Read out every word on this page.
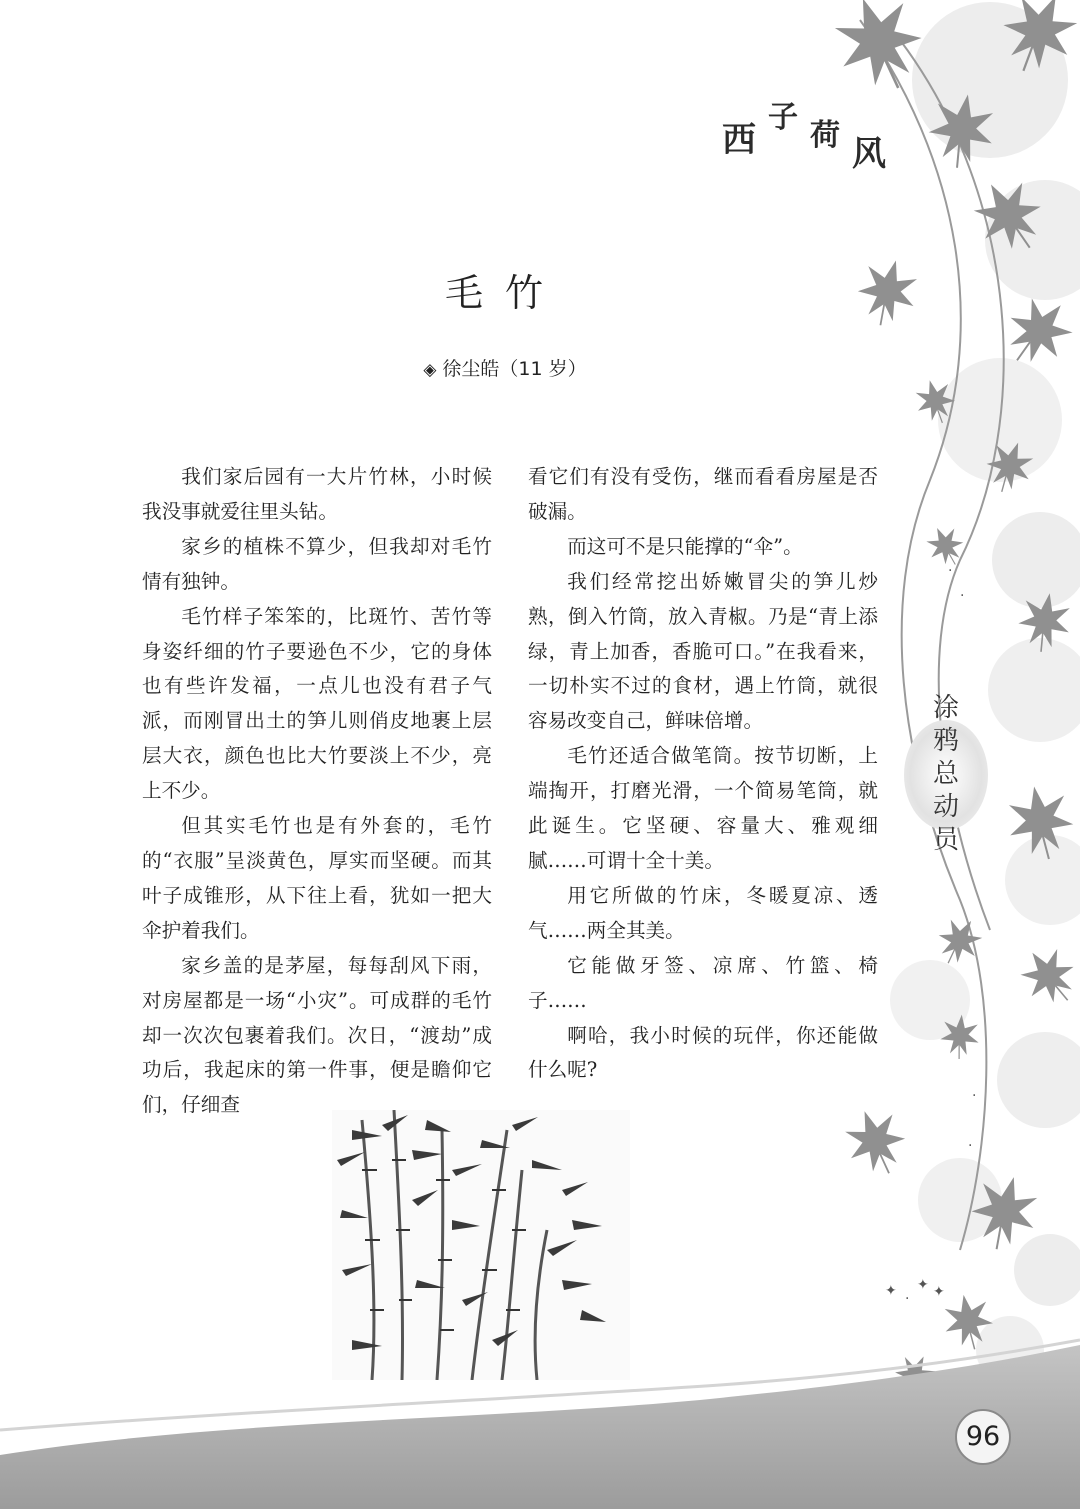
✦ ·
✦ ✦
·
·
·
·
西
子
荷 风
毛竹
◈ 徐尘皓（11 岁）

我们家后园有一大片竹林，小时候我没事就爱往里头钻。

家乡的植株不算少，但我却对毛竹情有独钟。

毛竹样子笨笨的，比斑竹、苦竹等身姿纤细的竹子要逊色不少，它的身体也有些许发福，一点儿也没有君子气派，而刚冒出土的笋儿则俏皮地裹上层层大衣，颜色也比大竹要淡上不少，亮上不少。

但其实毛竹也是有外套的，毛竹的“衣服”呈淡黄色，厚实而坚硬。而其叶子成锥形，从下往上看，犹如一把大伞护着我们。

家乡盖的是茅屋，每每刮风下雨，对房屋都是一场“小灾”。可成群的毛竹却一次次包裹着我们。次日，“渡劫”成功后，我起床的第一件事，便是瞻仰它们，仔细查

看它们有没有受伤，继而看看房屋是否破漏。

而这可不是只能撑的“伞”。

我们经常挖出娇嫩冒尖的笋儿炒熟，倒入竹筒，放入青椒。乃是“青上添绿，青上加香，香脆可口。”在我看来，一切朴实不过的食材，遇上竹筒，就很容易改变自己，鲜味倍增。

毛竹还适合做笔筒。按节切断，上端掏开，打磨光滑，一个简易笔筒，就此诞生。它坚硬、容量大、雅观细腻……可谓十全十美。

用它所做的竹床，冬暖夏凉、透气……两全其美。

它能做牙签、凉席、竹篮、椅子……

啊哈，我小时候的玩伴，你还能做什么呢?

涂
鸦
总
动
员
96
